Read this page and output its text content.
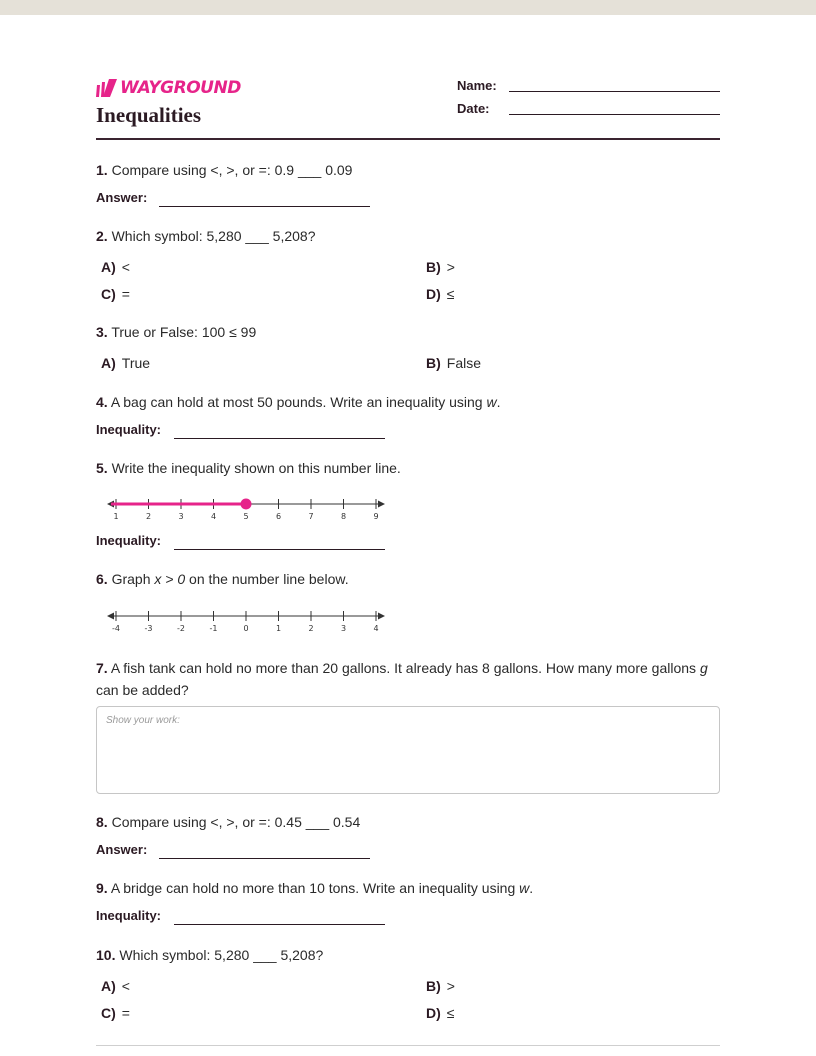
WAYGROUND
Inequalities
Name:
Date:
1. Compare using <, >, or =: 0.9 ___ 0.09
Answer:
2. Which symbol: 5,280 ___ 5,208?
A) <	B) >
C) =	D) ≤
3. True or False: 100 ≤ 99
A) True	B) False
4. A bag can hold at most 50 pounds. Write an inequality using w.
Inequality:
5. Write the inequality shown on this number line.
1	2	3	4	5	6	7	8	9
Inequality:
6. Graph x > 0 on the number line below.
-4	-3	-2	-1	0	1	2	3	4
7. A fish tank can hold no more than 20 gallons. It already has 8 gallons. How many more gallons g can be added?
Show your work:
8. Compare using <, >, or =: 0.45 ___ 0.54
Answer:
9. A bridge can hold no more than 10 tons. Write an inequality using w.
Inequality:
10. Which symbol: 5,280 ___ 5,208?
A) <	B) >
C) =	D) ≤
